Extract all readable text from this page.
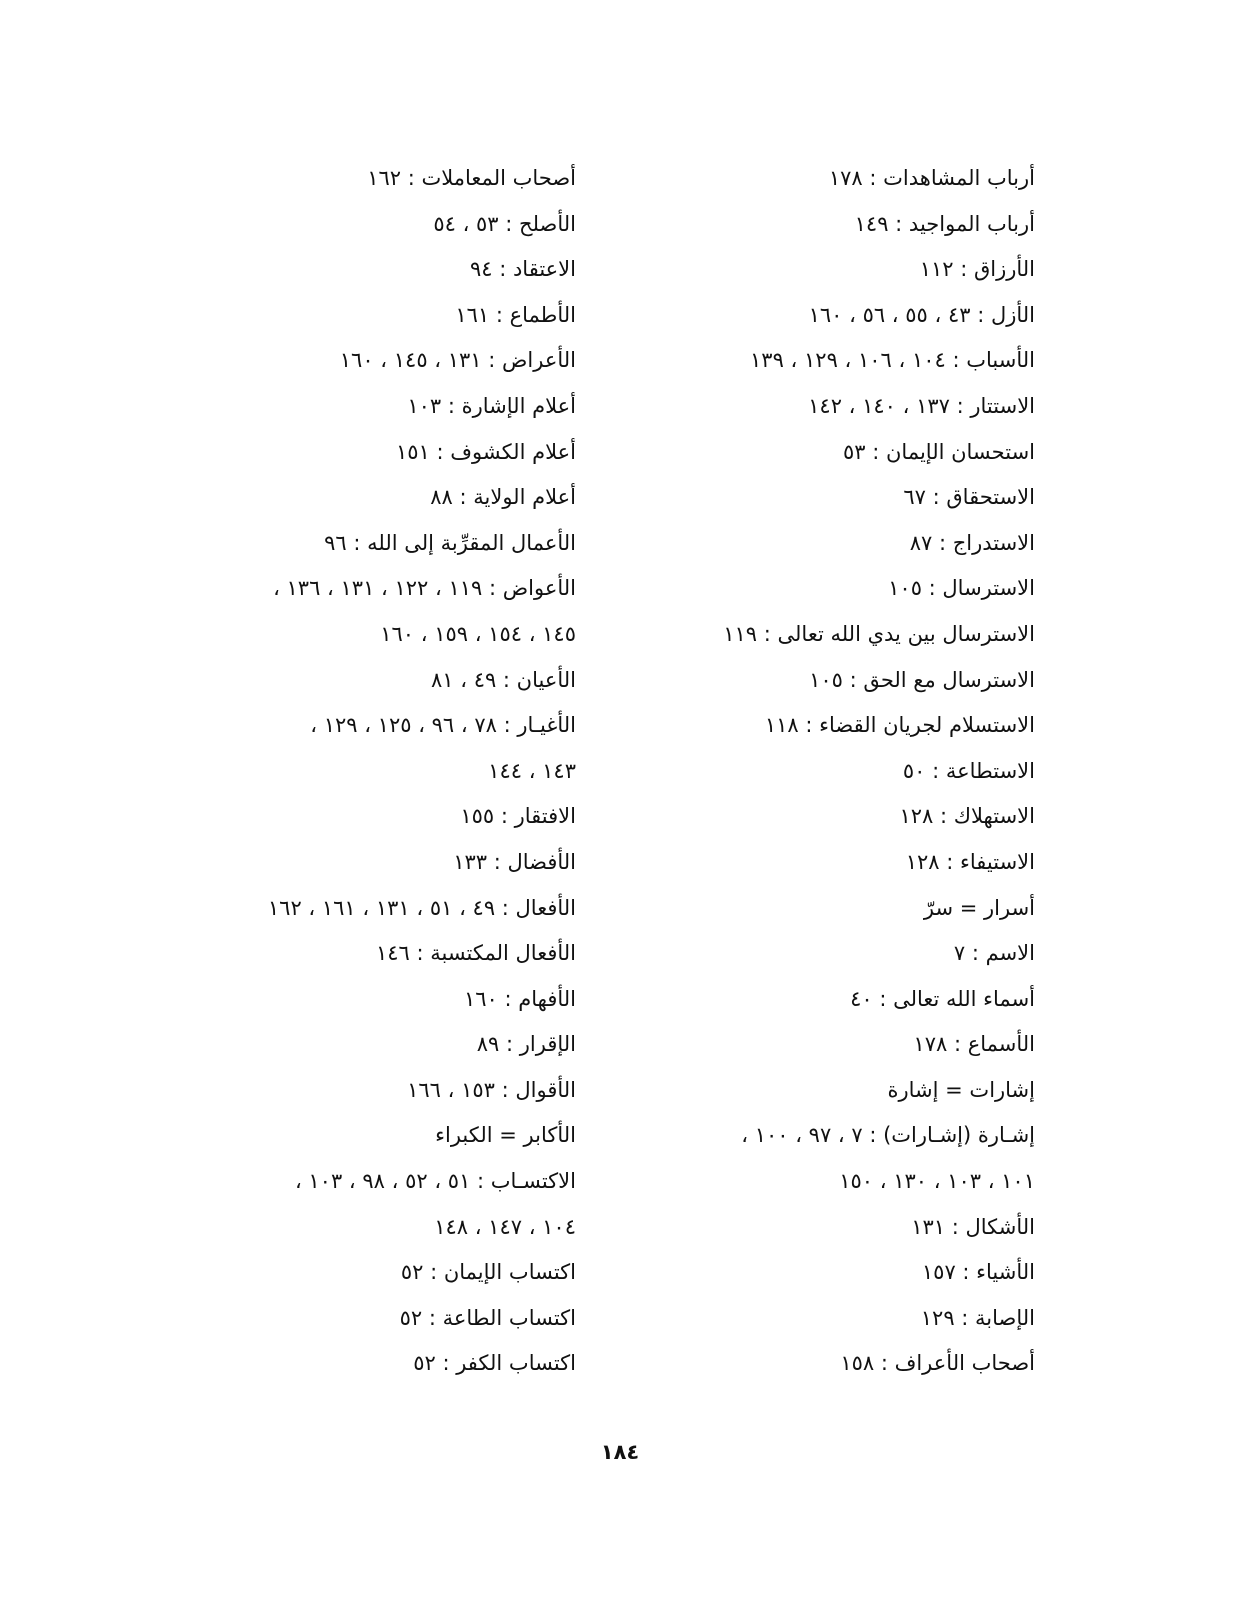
أرباب المشاهدات : ١٧٨
أرباب المواجيد : ١٤٩
الأرزاق : ١١٢
الأزل : ٤٣ ، ٥٥ ، ٥٦ ، ١٦٠
الأسباب : ١٠٤ ، ١٠٦ ، ١٢٩ ، ١٣٩
الاستتار : ١٣٧ ، ١٤٠ ، ١٤٢
استحسان الإيمان : ٥٣
الاستحقاق : ٦٧
الاستدراج : ٨٧
الاسترسال : ١٠٥
الاسترسال بين يدي الله تعالى : ١١٩
الاسترسال مع الحق : ١٠٥
الاستسلام لجريان القضاء : ١١٨
الاستطاعة : ٥٠
الاستهلاك : ١٢٨
الاستيفاء : ١٢٨
أسرار = سرّ
الاسم : ٧
أسماء الله تعالى : ٤٠
الأسماع : ١٧٨
إشارات = إشارة
إشـارة (إشـارات) : ٧ ، ٩٧ ، ١٠٠ ،
١٠١ ، ١٠٣ ، ١٣٠ ، ١٥٠
الأشكال : ١٣١
الأشياء : ١٥٧
الإصابة : ١٢٩
أصحاب الأعراف : ١٥٨
أصحاب المعاملات : ١٦٢
الأصلح : ٥٣ ، ٥٤
الاعتقاد : ٩٤
الأطماع : ١٦١
الأعراض : ١٣١ ، ١٤٥ ، ١٦٠
أعلام الإشارة : ١٠٣
أعلام الكشوف : ١٥١
أعلام الولاية : ٨٨
الأعمال المقرِّبة إلى الله : ٩٦
الأعواض : ١١٩ ، ١٢٢ ، ١٣١ ، ١٣٦ ،
١٤٥ ، ١٥٤ ، ١٥٩ ، ١٦٠
الأعيان : ٤٩ ، ٨١
الأغيـار : ٧٨ ، ٩٦ ، ١٢٥ ، ١٢٩ ،
١٤٣ ، ١٤٤
الافتقار : ١٥٥
الأفضال : ١٣٣
الأفعال : ٤٩ ، ٥١ ، ١٣١ ، ١٦١ ، ١٦٢
الأفعال المكتسبة : ١٤٦
الأفهام : ١٦٠
الإقرار : ٨٩
الأقوال : ١٥٣ ، ١٦٦
الأكابر = الكبراء
الاكتسـاب : ٥١ ، ٥٢ ، ٩٨ ، ١٠٣ ،
١٠٤ ، ١٤٧ ، ١٤٨
اكتساب الإيمان : ٥٢
اكتساب الطاعة : ٥٢
اكتساب الكفر : ٥٢
١٨٤
